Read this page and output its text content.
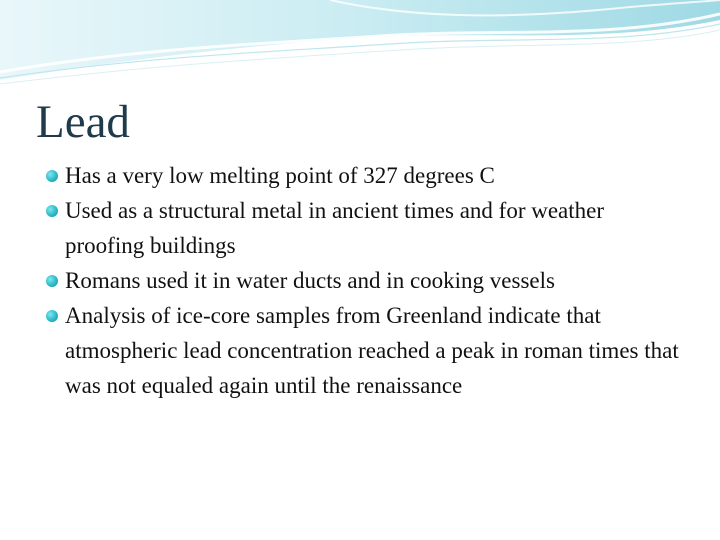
Lead
Has a very low melting point of 327 degrees C
Used as a structural metal in ancient times and for weather proofing buildings
Romans used it in water ducts and in cooking vessels
Analysis of ice-core samples from Greenland indicate that atmospheric lead concentration reached a peak in roman times that was not equaled again until the renaissance
